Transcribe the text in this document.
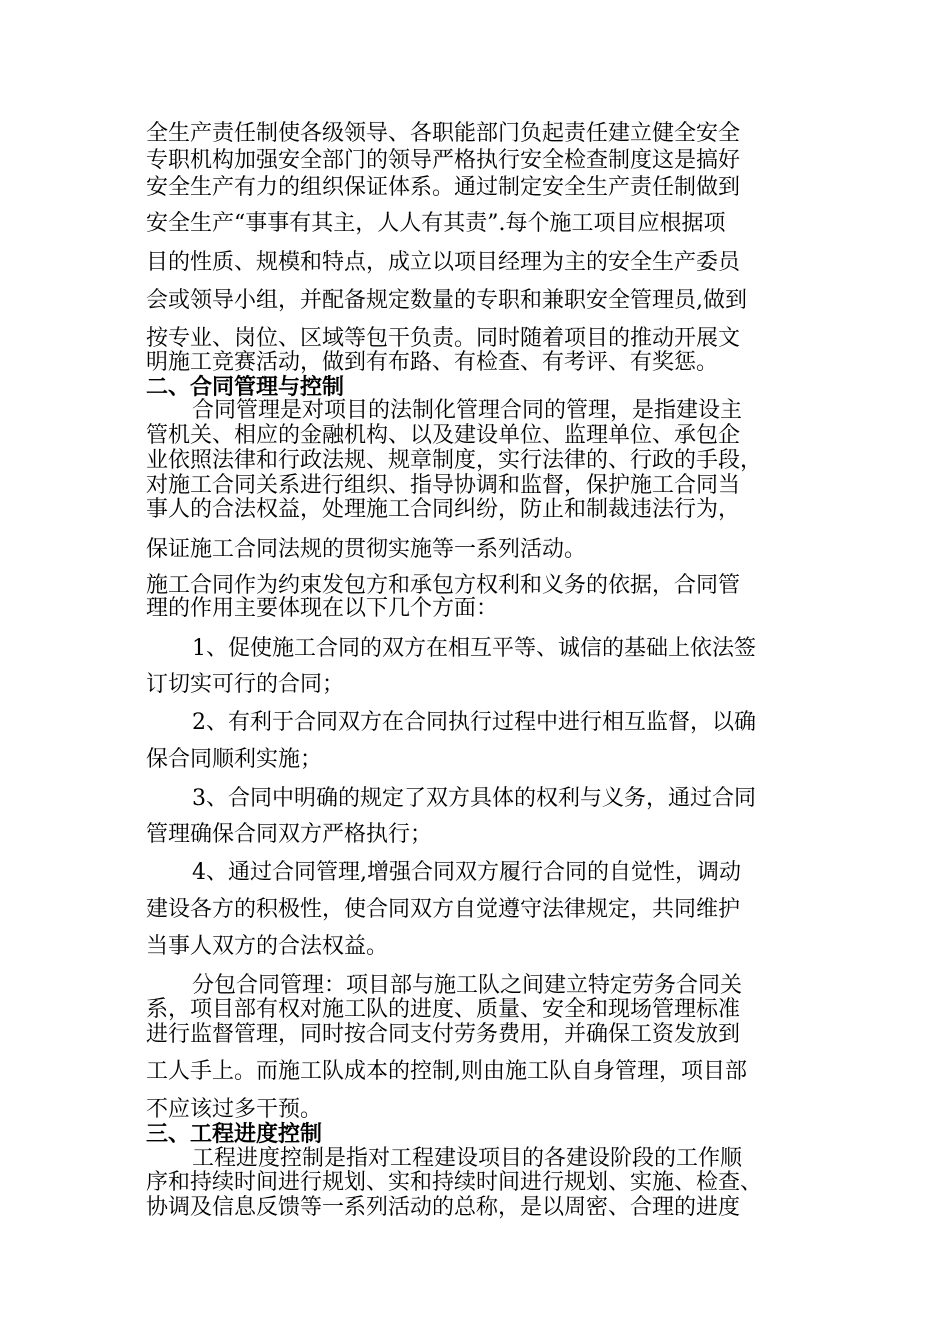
全生产责任制使各级领导、各职能部门负起责任建立健全安全
专职机构加强安全部门的领导严格执行安全检查制度这是搞好
安全生产有力的组织保证体系。通过制定安全生产责任制做到
安全生产“事事有其主，人人有其责”.每个施工项目应根据项
目的性质、规模和特点，成立以项目经理为主的安全生产委员
会或领导小组，并配备规定数量的专职和兼职安全管理员,做到
按专业、岗位、区域等包干负责。同时随着项目的推动开展文
明施工竞赛活动，做到有布路、有检查、有考评、有奖惩。
二、合同管理与控制
合同管理是对项目的法制化管理合同的管理，是指建设主
管机关、相应的金融机构、以及建设单位、监理单位、承包企
业依照法律和行政法规、规章制度，实行法律的、行政的手段，
对施工合同关系进行组织、指导协调和监督，保护施工合同当
事人的合法权益，处理施工合同纠纷，防止和制裁违法行为，
保证施工合同法规的贯彻实施等一系列活动。
施工合同作为约束发包方和承包方权利和义务的依据，合同管
理的作用主要体现在以下几个方面：
1、促使施工合同的双方在相互平等、诚信的基础上依法签
订切实可行的合同；
2、有利于合同双方在合同执行过程中进行相互监督，以确
保合同顺利实施；
3、合同中明确的规定了双方具体的权利与义务，通过合同
管理确保合同双方严格执行；
4、通过合同管理,增强合同双方履行合同的自觉性，调动
建设各方的积极性，使合同双方自觉遵守法律规定，共同维护
当事人双方的合法权益。
分包合同管理：项目部与施工队之间建立特定劳务合同关
系，项目部有权对施工队的进度、质量、安全和现场管理标准
进行监督管理，同时按合同支付劳务费用，并确保工资发放到
工人手上。而施工队成本的控制,则由施工队自身管理，项目部
不应该过多干预。
三、工程进度控制
工程进度控制是指对工程建设项目的各建设阶段的工作顺
序和持续时间进行规划、实和持续时间进行规划、实施、检查、
协调及信息反馈等一系列活动的总称，是以周密、合理的进度
